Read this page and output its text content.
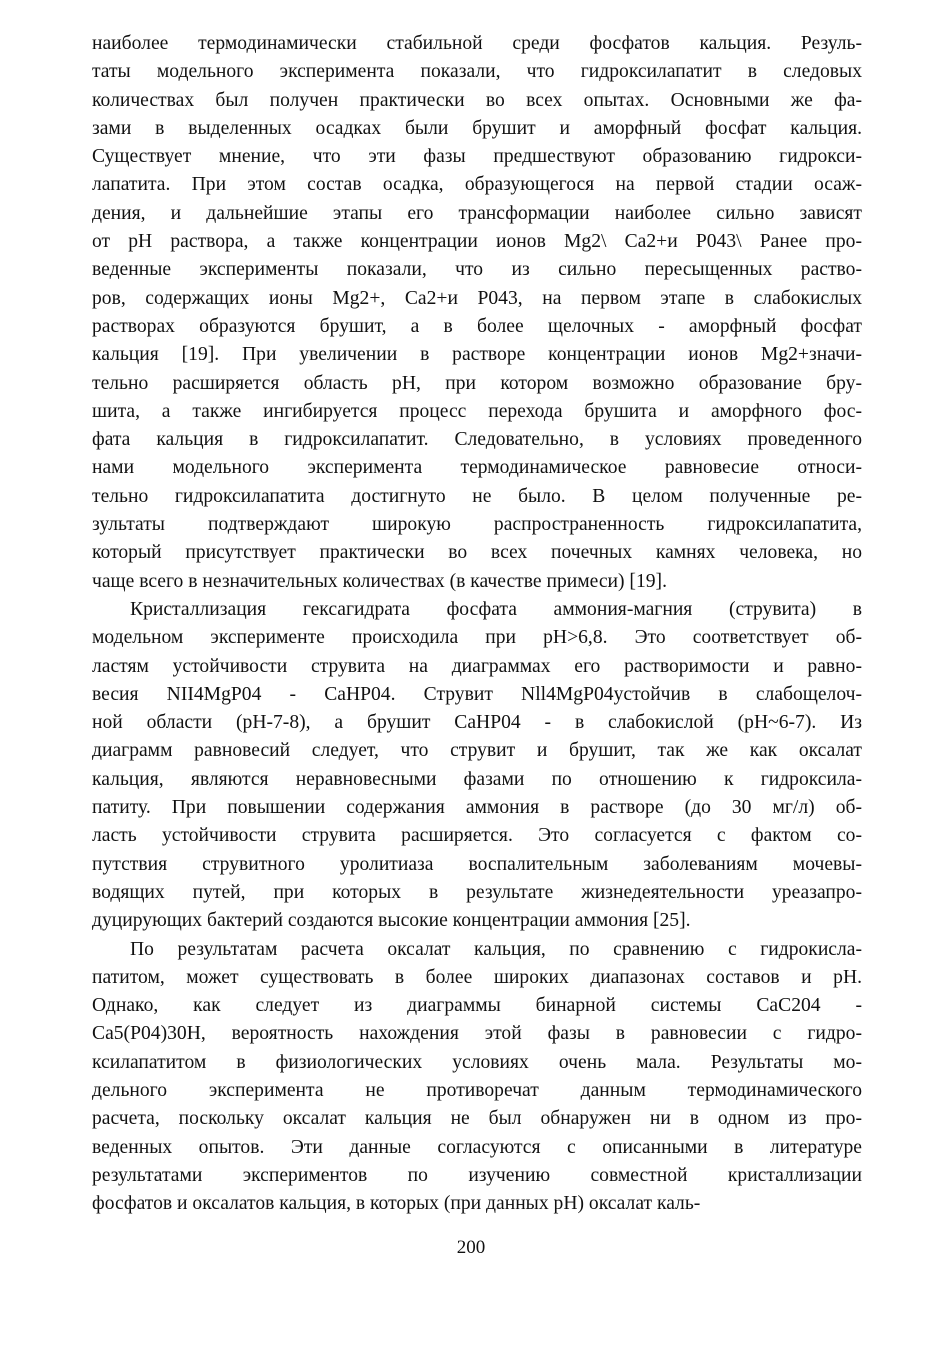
наиболее термодинамически стабильной среди фосфатов кальция. Резуль-
таты модельного эксперимента показали, что гидроксилапатит в следовых
количествах был получен практически во всех опытах. Основными же фа-
зами в выделенных осадках были брушит и аморфный фосфат кальция.
Существует мнение, что эти фазы предшествуют образованию гидрокси-
лапатита. При этом состав осадка, образующегося на первой стадии осаж-
дения, и дальнейшие этапы его трансформации наиболее сильно зависят
от pH раствора, а также концентрации ионов Mg2\ Ca2+и P043\ Ранее про-
веденные эксперименты показали, что из сильно пересыщенных раство-
ров, содержащих ионы Mg2+, Ca2+и P043, на первом этапе в слабокислых
растворах образуются брушит, а в более щелочных - аморфный фосфат
кальция [19]. При увеличении в растворе концентрации ионов Mg2+значи-
тельно расширяется область pH, при котором возможно образование бру-
шита, а также ингибируется процесс перехода брушита и аморфного фос-
фата кальция в гидроксилапатит. Следовательно, в условиях проведенного
нами модельного эксперимента термодинамическое равновесие относи-
тельно гидроксилапатита достигнуто не было. В целом полученные ре-
зультаты подтверждают широкую распространенность гидроксилапатита,
который присутствует практически во всех почечных камнях человека, но
чаще всего в незначительных количествах (в качестве примеси) [19].

Кристаллизация гексагидрата фосфата аммония-магния (струвита) в
модельном эксперименте происходила при pH>6,8. Это соответствует об-
ластям устойчивости струвита на диаграммах его растворимости и равно-
весия NII4MgP04 - CaHP04. Струвит Nll4MgP04устойчив в слабощелоч-
ной области (pH-7-8), а брушит CaHP04 - в слабокислой (pH~6-7). Из
диаграмм равновесий следует, что струвит и брушит, так же как оксалат
кальция, являются неравновесными фазами по отношению к гидроксила-
патиту. При повышении содержания аммония в растворе (до 30 мг/л) об-
ласть устойчивости струвита расширяется. Это согласуется с фактом со-
путствия струвитного уролитиаза воспалительным заболеваниям мочевы-
водящих путей, при которых в результате жизнедеятельности уреазапро-
дуцирующих бактерий создаются высокие концентрации аммония [25].

По результатам расчета оксалат кальция, по сравнению с гидрокисла-
патитом, может существовать в более широких диапазонах составов и pH.
Однако, как следует из диаграммы бинарной системы CaC204 -
Ca5(P04)30H, вероятность нахождения этой фазы в равновесии с гидро-
ксилапатитом в физиологических условиях очень мала. Результаты мо-
дельного эксперимента не противоречат данным термодинамического
расчета, поскольку оксалат кальция не был обнаружен ни в одном из про-
веденных опытов. Эти данные согласуются с описанными в литературе
результатами экспериментов по изучению совместной кристаллизации
фосфатов и оксалатов кальция, в которых (при данных pH) оксалат каль-

200
